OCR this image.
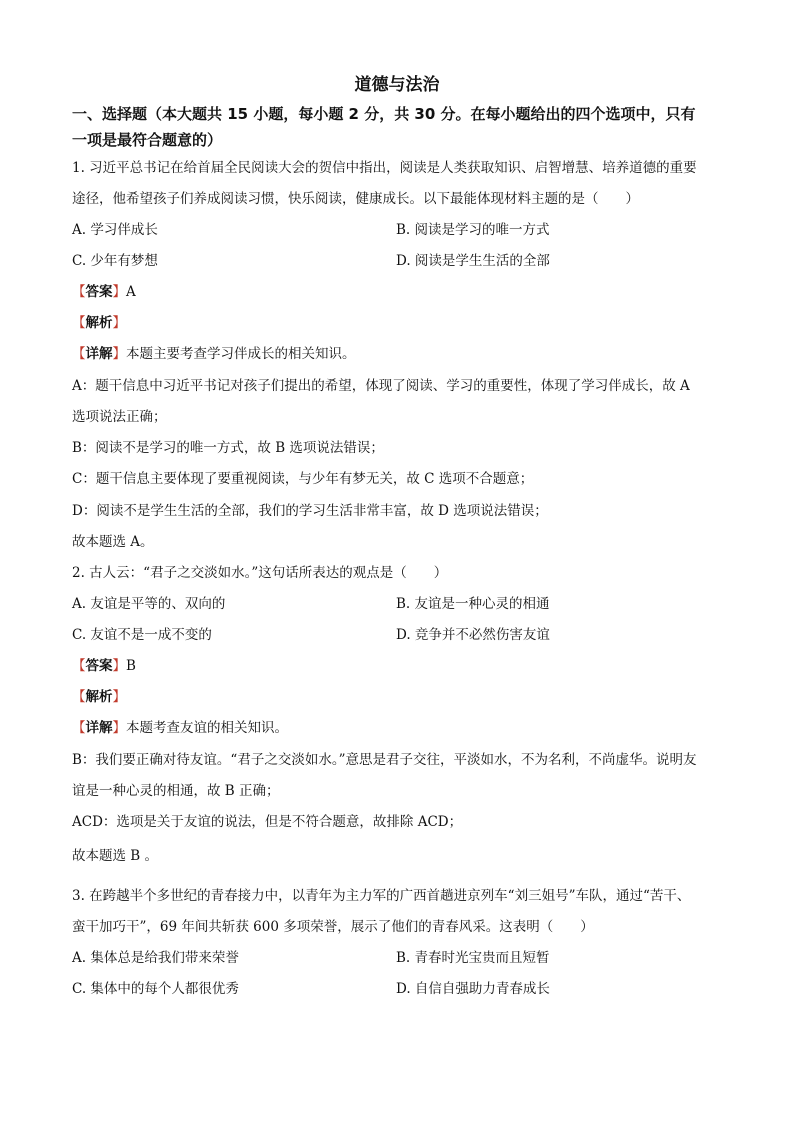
道德与法治
一、选择题（本大题共 15 小题，每小题 2 分，共 30 分。在每小题给出的四个选项中，只有
一项是最符合题意的）
1. 习近平总书记在给首届全民阅读大会的贺信中指出，阅读是人类获取知识、启智增慧、培养道德的重要
途径，他希望孩子们养成阅读习惯，快乐阅读，健康成长。以下最能体现材料主题的是（　　）
A. 学习伴成长	B. 阅读是学习的唯一方式
C. 少年有梦想	D. 阅读是学生生活的全部
【答案】A
【解析】
【详解】本题主要考查学习伴成长的相关知识。
A：题干信息中习近平书记对孩子们提出的希望，体现了阅读、学习的重要性，体现了学习伴成长，故 A
选项说法正确；
B：阅读不是学习的唯一方式，故 B 选项说法错误；
C：题干信息主要体现了要重视阅读，与少年有梦无关，故 C 选项不合题意；
D：阅读不是学生生活的全部，我们的学习生活非常丰富，故 D 选项说法错误；
故本题选 A。
2. 古人云：“君子之交淡如水。”这句话所表达的观点是（　　）
A. 友谊是平等的、双向的	B. 友谊是一种心灵的相通
C. 友谊不是一成不变的	D. 竞争并不必然伤害友谊
【答案】B
【解析】
【详解】本题考查友谊的相关知识。
B：我们要正确对待友谊。“君子之交淡如水。”意思是君子交往，平淡如水，不为名利，不尚虚华。说明友
谊是一种心灵的相通，故 B 正确；
ACD：选项是关于友谊的说法，但是不符合题意，故排除 ACD；
故本题选 B 。
3. 在跨越半个多世纪的青春接力中，以青年为主力军的广西首趟进京列车“刘三姐号”车队，通过“苦干、
蛮干加巧干”，69 年间共斩获 600 多项荣誉，展示了他们的青春风采。这表明（　　）
A. 集体总是给我们带来荣誉	B. 青春时光宝贵而且短暂
C. 集体中的每个人都很优秀	D. 自信自强助力青春成长
